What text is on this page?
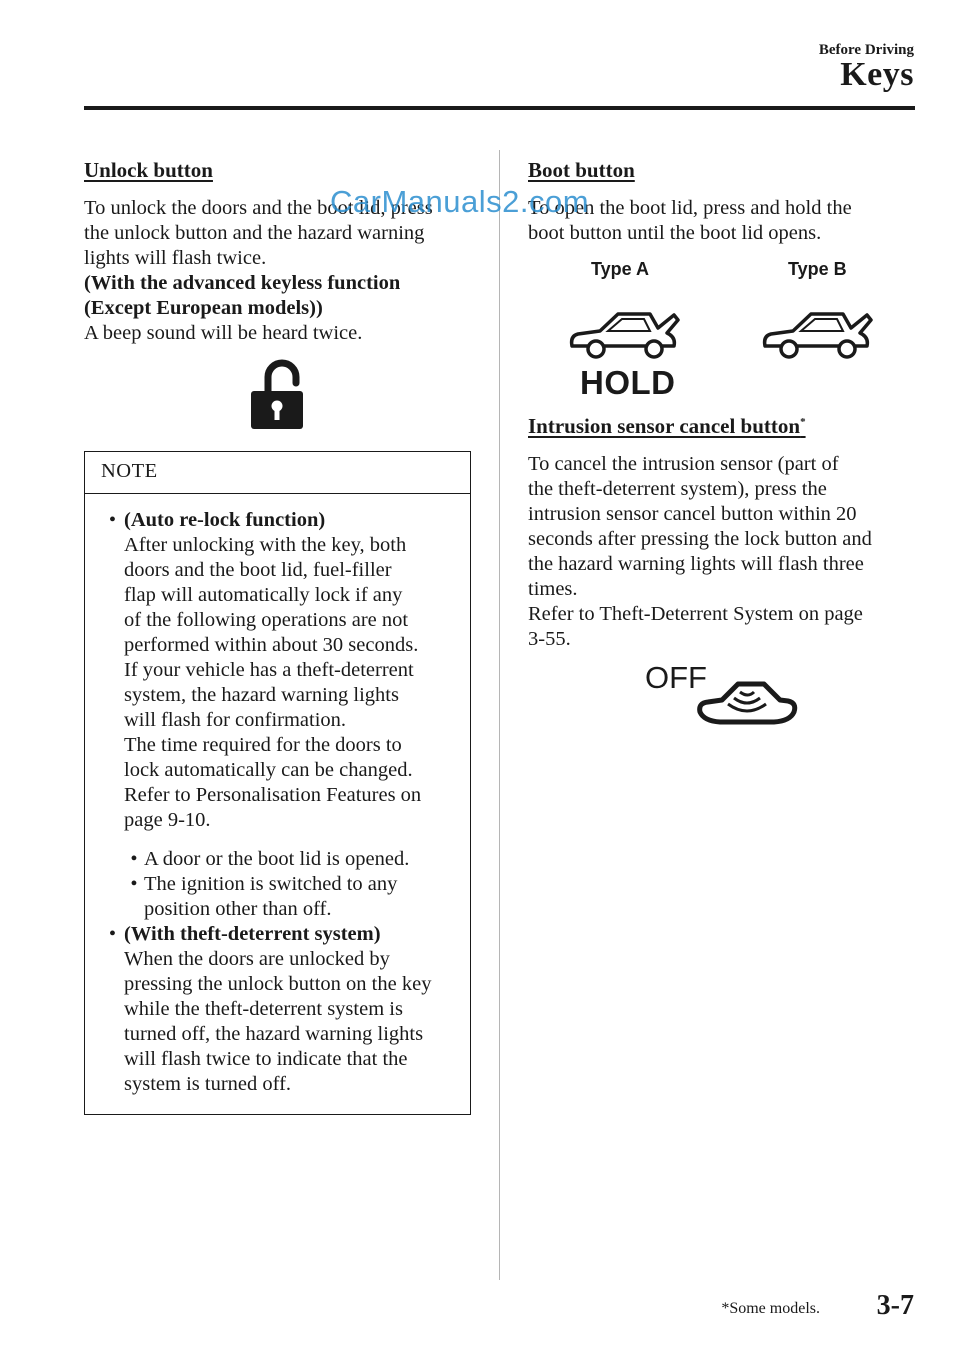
Before Driving
Keys
Unlock button

To unlock the doors and the boot lid, press

the unlock button and the hazard warning

lights will flash twice.

(With the advanced keyless function

(Except European models))

A beep sound will be heard twice.

NOTE
• (Auto re-lock function)

After unlocking with the key, both

doors and the boot lid, fuel-filler

flap will automatically lock if any

of the following operations are not

performed within about 30 seconds.

If your vehicle has a theft-deterrent

system, the hazard warning lights

will flash for confirmation.

The time required for the doors to

lock automatically can be changed.

Refer to Personalisation Features on

page 9-10.

• A door or the boot lid is opened.

• The ignition is switched to any

position other than off.

• (With theft-deterrent system)

When the doors are unlocked by

pressing the unlock button on the key

while the theft-deterrent system is

turned off, the hazard warning lights

will flash twice to indicate that the

system is turned off.

Boot button

To open the boot lid, press and hold the

boot button until the boot lid opens.

Type A	Type B
HOLD
Intrusion sensor cancel button*

To cancel the intrusion sensor (part of

the theft-deterrent system), press the

intrusion sensor cancel button within 20

seconds after pressing the lock button and

the hazard warning lights will flash three

times.

Refer to Theft-Deterrent System on page

3-55.

OFF
CarManuals2.com
*Some models. 3-7
